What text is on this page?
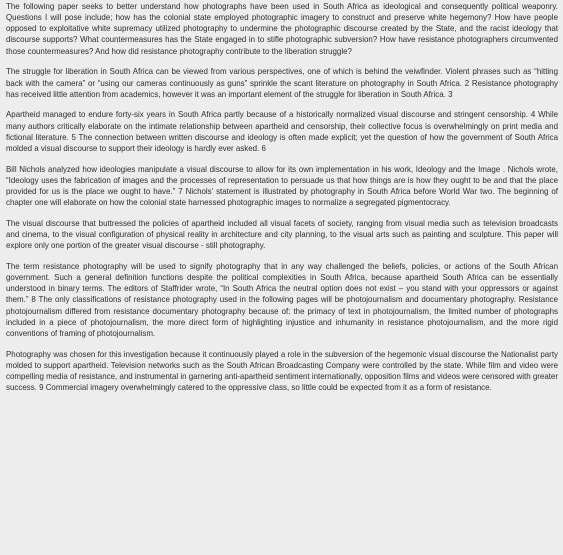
The following paper seeks to better understand how photographs have been used in South Africa as ideological and consequently political weaponry. Questions I will pose include; how has the colonial state employed photographic imagery to construct and preserve white hegemony? How have people opposed to exploitative white supremacy utilized photography to undermine the photographic discourse created by the State, and the racist ideology that discourse supports? What countermeasures has the State engaged in to stifle photographic subversion? How have resistance photographers circumvented those countermeasures? And how did resistance photography contribute to the liberation struggle?

The struggle for liberation in South Africa can be viewed from various perspectives, one of which is behind the veiwfinder. Violent phrases such as “hitting back with the camera” or “using our cameras continuously as guns” sprinkle the scant literature on photography in South Africa. 2 Resistance photography has received little attention from academics, however it was an important element of the struggle for liberation in South Africa. 3

Apartheid managed to endure forty-six years in South Africa partly because of a historically normalized visual discourse and stringent censorship. 4 While many authors critically elaborate on the intimate relationship between apartheid and censorship, their collective focus is overwhelmingly on print media and fictional literature. 5 The connection between written discourse and ideology is often made explicit; yet the question of how the government of South Africa molded a visual discourse to support their ideology is hardly ever asked. 6

Bill Nichols analyzed how ideologies manipulate a visual discourse to allow for its own implementation in his work, Ideology and the Image . Nichols wrote, “Ideology uses the fabrication of images and the processes of representation to persuade us that how things are is how they ought to be and that the place provided for us is the place we ought to have.” 7 Nichols’ statement is illustrated by photography in South Africa before World War two. The beginning of chapter one will elaborate on how the colonial state harnessed photographic images to normalize a segregated pigmentocracy.

The visual discourse that buttressed the policies of apartheid included all visual facets of society, ranging from visual media such as television broadcasts and cinema, to the visual configuration of physical reality in architecture and city planning, to the visual arts such as painting and sculpture. This paper will explore only one portion of the greater visual discourse - still photography.

The term resistance photography will be used to signify photography that in any way challenged the beliefs, policies, or actions of the South African government. Such a general definition functions despite the political complexities in South Africa, because apartheid South Africa can be essentially understood in binary terms. The editors of Staffrider wrote, “In South Africa the neutral option does not exist – you stand with your oppressors or against them.” 8 The only classifications of resistance photography used in the following pages will be photojournalism and documentary photography. Resistance photojournalism differed from resistance documentary photography because of: the primacy of text in photojournalism, the limited number of photographs included in a piece of photojournalism, the more direct form of highlighting injustice and inhumanity in resistance photojournalism, and the more rigid conventions of framing of photojournalism.

Photography was chosen for this investigation because it continuously played a role in the subversion of the hegemonic visual discourse the Nationalist party molded to support apartheid. Television networks such as the South African Broadcasting Company were controlled by the state. While film and video were compelling media of resistance, and instrumental in garnering anti-apartheid sentiment internationally, opposition films and videos were censored with greater success. 9 Commercial imagery overwhelmingly catered to the oppressive class, so little could be expected from it as a form of resistance.
